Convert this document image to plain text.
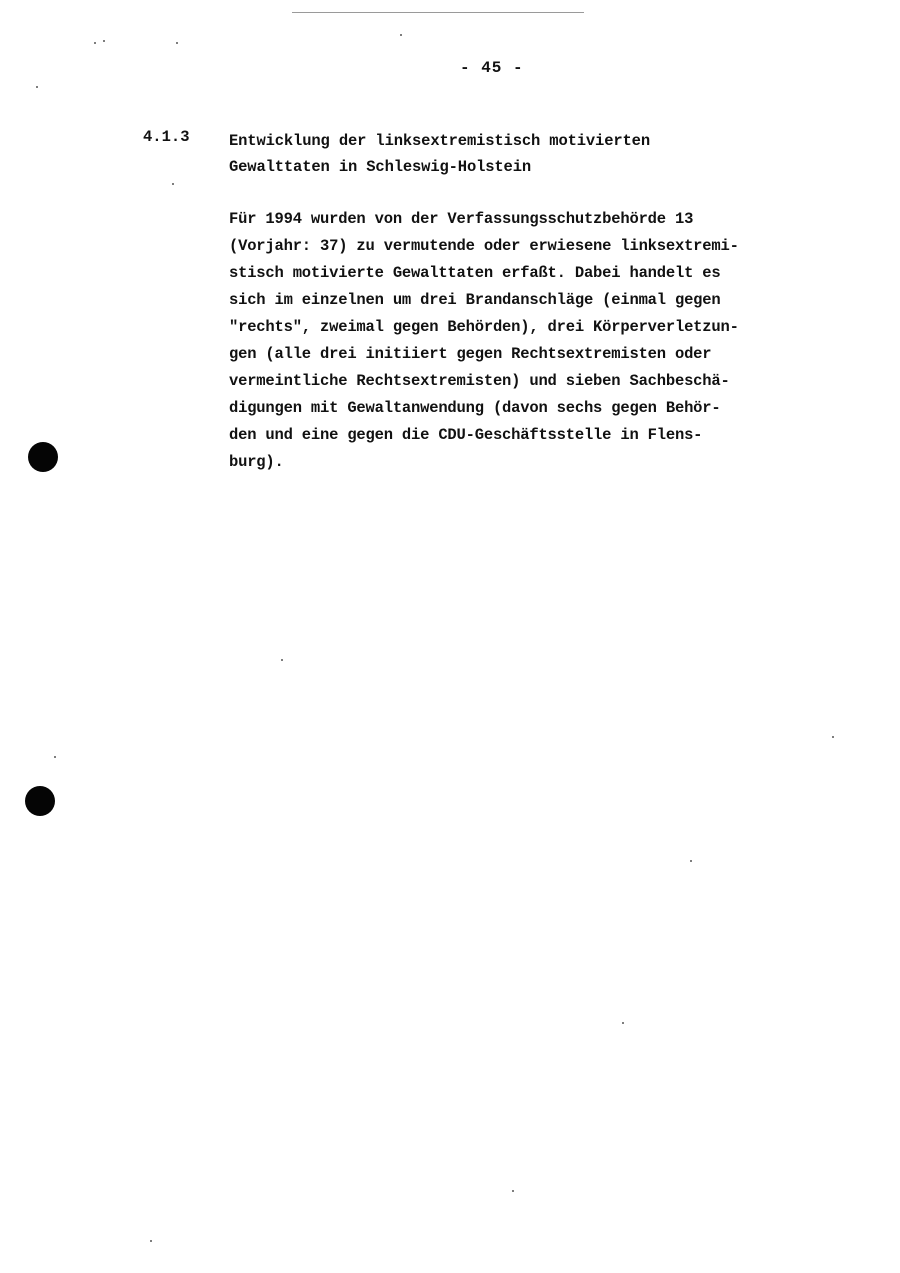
- 45 -
4.1.3	Entwicklung der linksextremistisch motivierten
Gewalttaten in Schleswig-Holstein
Für 1994 wurden von der Verfassungsschutzbehörde 13
(Vorjahr: 37) zu vermutende oder erwiesene linksextremi-
stisch motivierte Gewalttaten erfaßt. Dabei handelt es
sich im einzelnen um drei Brandanschläge (einmal gegen
"rechts", zweimal gegen Behörden), drei Körperverletzun-
gen (alle drei initiiert gegen Rechtsextremisten oder
vermeintliche Rechtsextremisten) und sieben Sachbeschä-
digungen mit Gewaltanwendung (davon sechs gegen Behör-
den und eine gegen die CDU-Geschäftsstelle in Flens-
burg).
